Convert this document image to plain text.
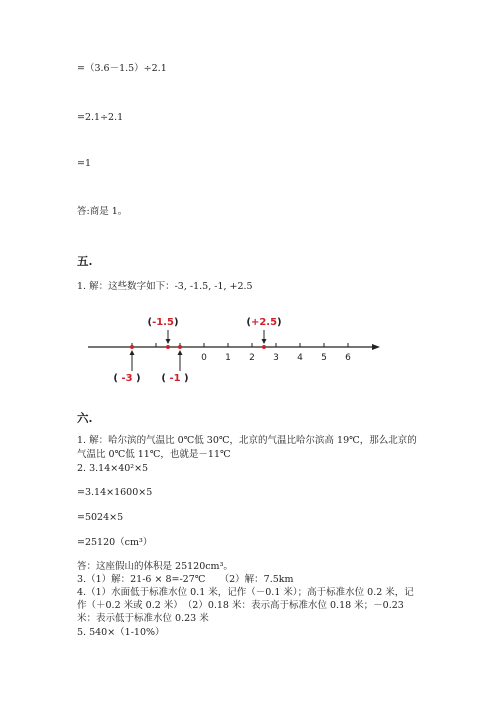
=（3.6－1.5）÷2.1
=2.1÷2.1
=1
答:商是 1。
五.
1. 解：这些数字如下：-3, -1.5, -1, +2.5
0 1 2 3 4 5 6
( -3 )
(-1.5)
( -1 )
(+2.5)
六.
1. 解：哈尔滨的气温比 0℃低 30℃，北京的气温比哈尔滨高 19℃，那么北京的
气温比 0℃低 11℃，也就是－11℃
2. 3.14×40²×5
=3.14×1600×5
=5024×5
=25120（cm³）
答：这座假山的体积是 25120cm³。
3.（1）解：21-6 × 8=-27℃　　（2）解：7.5km
4.（1）水面低于标准水位 0.1 米，记作（－0.1 米）；高于标准水位 0.2 米，记
作（＋0.2 米或 0.2 米）　（2）0.18 米：表示高于标准水位 0.18 米；－0.23
米：表示低于标准水位 0.23 米
5. 540×（1-10%）
